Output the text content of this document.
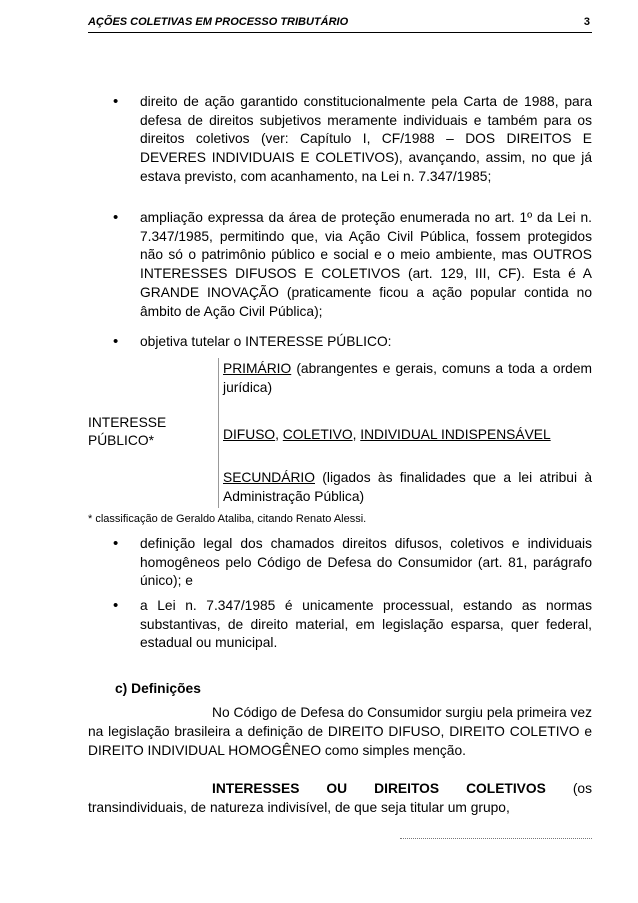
AÇÕES COLETIVAS EM PROCESSO TRIBUTÁRIO	3
• direito de ação garantido constitucionalmente pela Carta de 1988, para defesa de direitos subjetivos meramente individuais e também para os direitos coletivos (ver: Capítulo I, CF/1988 – DOS DIREITOS E DEVERES INDIVIDUAIS E COLETIVOS), avançando, assim, no que já estava previsto, com acanhamento, na Lei n. 7.347/1985;
• ampliação expressa da área de proteção enumerada no art. 1º da Lei n. 7.347/1985, permitindo que, via Ação Civil Pública, fossem protegidos não só o patrimônio público e social e o meio ambiente, mas OUTROS INTERESSES DIFUSOS E COLETIVOS (art. 129, III, CF). Esta é A GRANDE INOVAÇÃO (praticamente ficou a ação popular contida no âmbito de Ação Civil Pública);
• objetiva tutelar o INTERESSE PÚBLICO:
INTERESSE
PÚBLICO*
PRIMÁRIO (abrangentes e gerais, comuns a toda a ordem jurídica)
DIFUSO, COLETIVO, INDIVIDUAL INDISPENSÁVEL
SECUNDÁRIO (ligados às finalidades que a lei atribui à Administração Pública)
* classificação de Geraldo Ataliba, citando Renato Alessi.
• definição legal dos chamados direitos difusos, coletivos e individuais homogêneos pelo Código de Defesa do Consumidor (art. 81, parágrafo único); e
• a Lei n. 7.347/1985 é unicamente processual, estando as normas substantivas, de direito material, em legislação esparsa, quer federal, estadual ou municipal.
c) Definições
No Código de Defesa do Consumidor surgiu pela primeira vez na legislação brasileira a definição de DIREITO DIFUSO, DIREITO COLETIVO e DIREITO INDIVIDUAL HOMOGÊNEO como simples menção.
INTERESSES OU DIREITOS COLETIVOS (os transindividuais, de natureza indivisível, de que seja titular um grupo,
